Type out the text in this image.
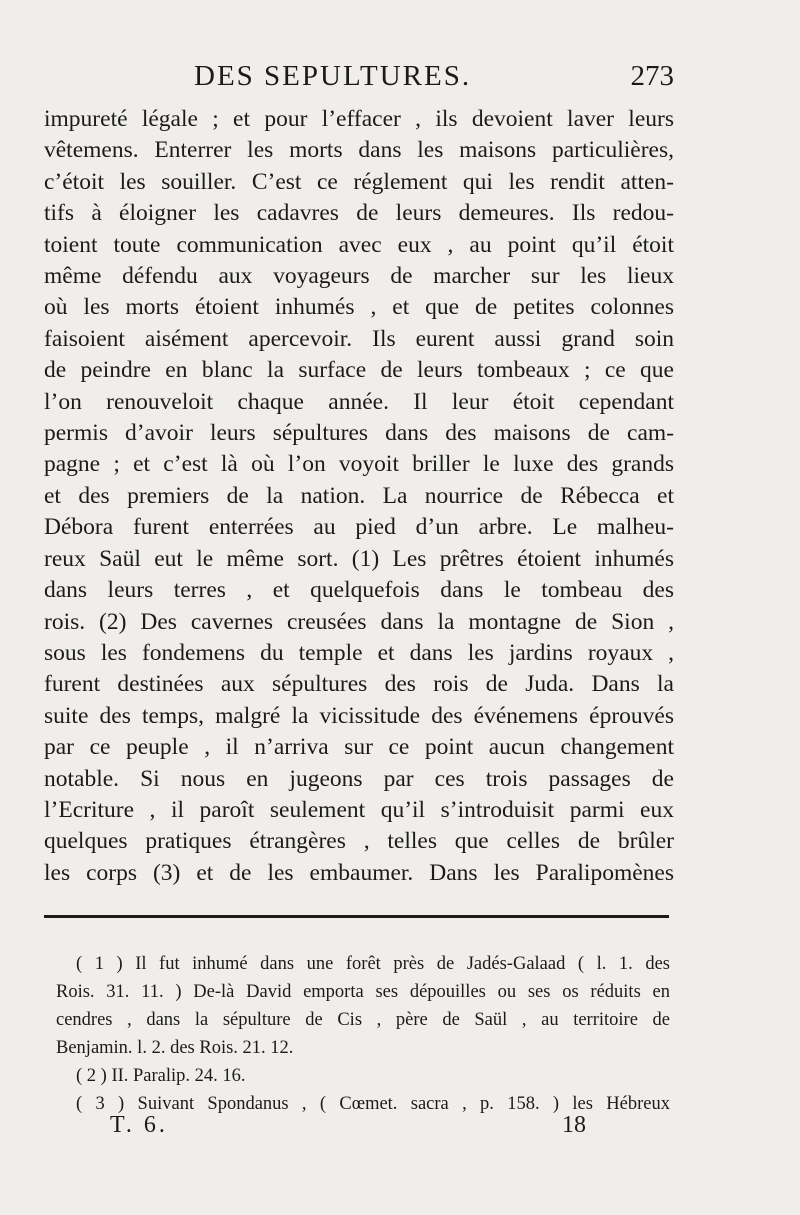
DES SEPULTURES.	273
impureté légale ; et pour l’effacer , ils devoient laver leurs
vêtemens. Enterrer les morts dans les maisons particulières,
c’étoit les souiller. C’est ce réglement qui les rendit atten-
tifs à éloigner les cadavres de leurs demeures. Ils redou-
toient toute communication avec eux , au point qu’il étoit
même défendu aux voyageurs de marcher sur les lieux
où les morts étoient inhumés , et que de petites colonnes
faisoient aisément apercevoir. Ils eurent aussi grand soin
de peindre en blanc la surface de leurs tombeaux ; ce que
l’on renouveloit chaque année. Il leur étoit cependant
permis d’avoir leurs sépultures dans des maisons de cam-
pagne ; et c’est là où l’on voyoit briller le luxe des grands
et des premiers de la nation. La nourrice de Rébecca et
Débora furent enterrées au pied d’un arbre. Le malheu-
reux Saül eut le même sort. (1) Les prêtres étoient inhumés
dans leurs terres , et quelquefois dans le tombeau des
rois. (2) Des cavernes creusées dans la montagne de Sion ,
sous les fondemens du temple et dans les jardins royaux ,
furent destinées aux sépultures des rois de Juda. Dans la
suite des temps, malgré la vicissitude des événemens éprouvés
par ce peuple , il n’arriva sur ce point aucun changement
notable. Si nous en jugeons par ces trois passages de
l’Ecriture , il paroît seulement qu’il s’introduisit parmi eux
quelques pratiques étrangères , telles que celles de brûler
les corps (3) et de les embaumer. Dans les Paralipomènes
( 1 ) Il fut inhumé dans une forêt près de Jadés-Galaad ( l. 1. des
Rois. 31. 11. ) De-là David emporta ses dépouilles ou ses os réduits en
cendres , dans la sépulture de Cis , père de Saül , au territoire de
Benjamin. l. 2. des Rois. 21. 12.
( 2 ) II. Paralip. 24. 16.
( 3 ) Suivant Spondanus , ( Cœmet. sacra , p. 158. ) les Hébreux
T. 6.	18
